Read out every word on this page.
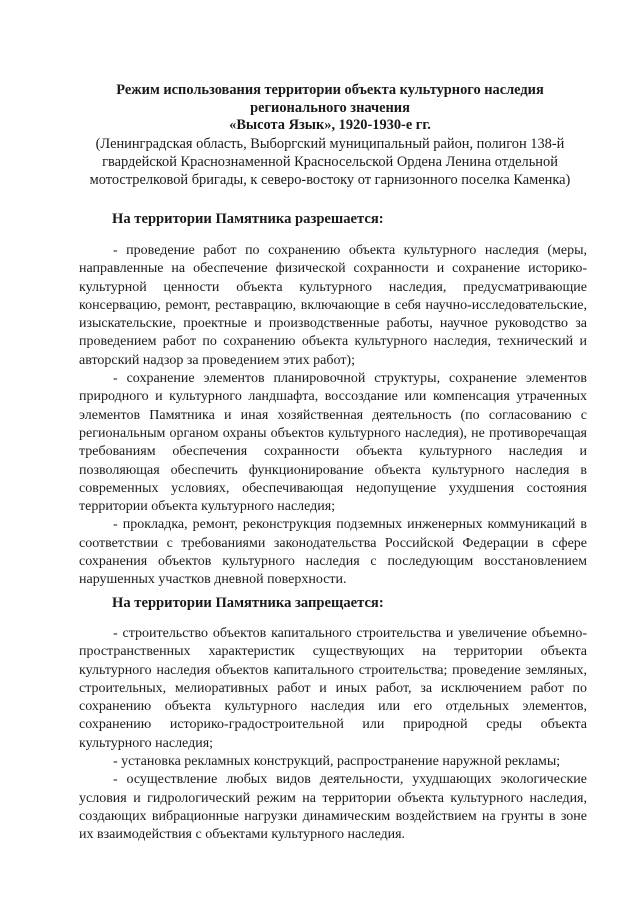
Режим использования территории объекта культурного наследия

регионального значения

«Высота Язык», 1920-1930-е гг.

(Ленинградская область, Выборгский муниципальный район, полигон 138-й

гвардейской Краснознаменной Красносельской Ордена Ленина отдельной

мотострелковой бригады, к северо-востоку от гарнизонного поселка Каменка)

На территории Памятника разрешается:

- проведение работ по сохранению объекта культурного наследия (меры, направленные на обеспечение физической сохранности и сохранение историко-культурной ценности объекта культурного наследия, предусматривающие консервацию, ремонт, реставрацию, включающие в себя научно-исследовательские, изыскательские, проектные и производственные работы, научное руководство за проведением работ по сохранению объекта культурного наследия, технический и авторский надзор за проведением этих работ);

- сохранение элементов планировочной структуры, сохранение элементов природного и культурного ландшафта, воссоздание или компенсация утраченных элементов Памятника и иная хозяйственная деятельность (по согласованию с региональным органом охраны объектов культурного наследия), не противоречащая требованиям обеспечения сохранности объекта культурного наследия и позволяющая обеспечить функционирование объекта культурного наследия в современных условиях, обеспечивающая недопущение ухудшения состояния территории объекта культурного наследия;

- прокладка, ремонт, реконструкция подземных инженерных коммуникаций в соответствии с требованиями законодательства Российской Федерации в сфере сохранения объектов культурного наследия с последующим восстановлением нарушенных участков дневной поверхности.

На территории Памятника запрещается:

- строительство объектов капитального строительства и увеличение объемно-пространственных характеристик существующих на территории объекта культурного наследия объектов капитального строительства; проведение земляных, строительных, мелиоративных работ и иных работ, за исключением работ по сохранению объекта культурного наследия или его отдельных элементов, сохранению историко-градостроительной или природной среды объекта культурного наследия;

- установка рекламных конструкций, распространение наружной рекламы;

- осуществление любых видов деятельности, ухудшающих экологические условия и гидрологический режим на территории объекта культурного наследия, создающих вибрационные нагрузки динамическим воздействием на грунты в зоне их взаимодействия с объектами культурного наследия.
